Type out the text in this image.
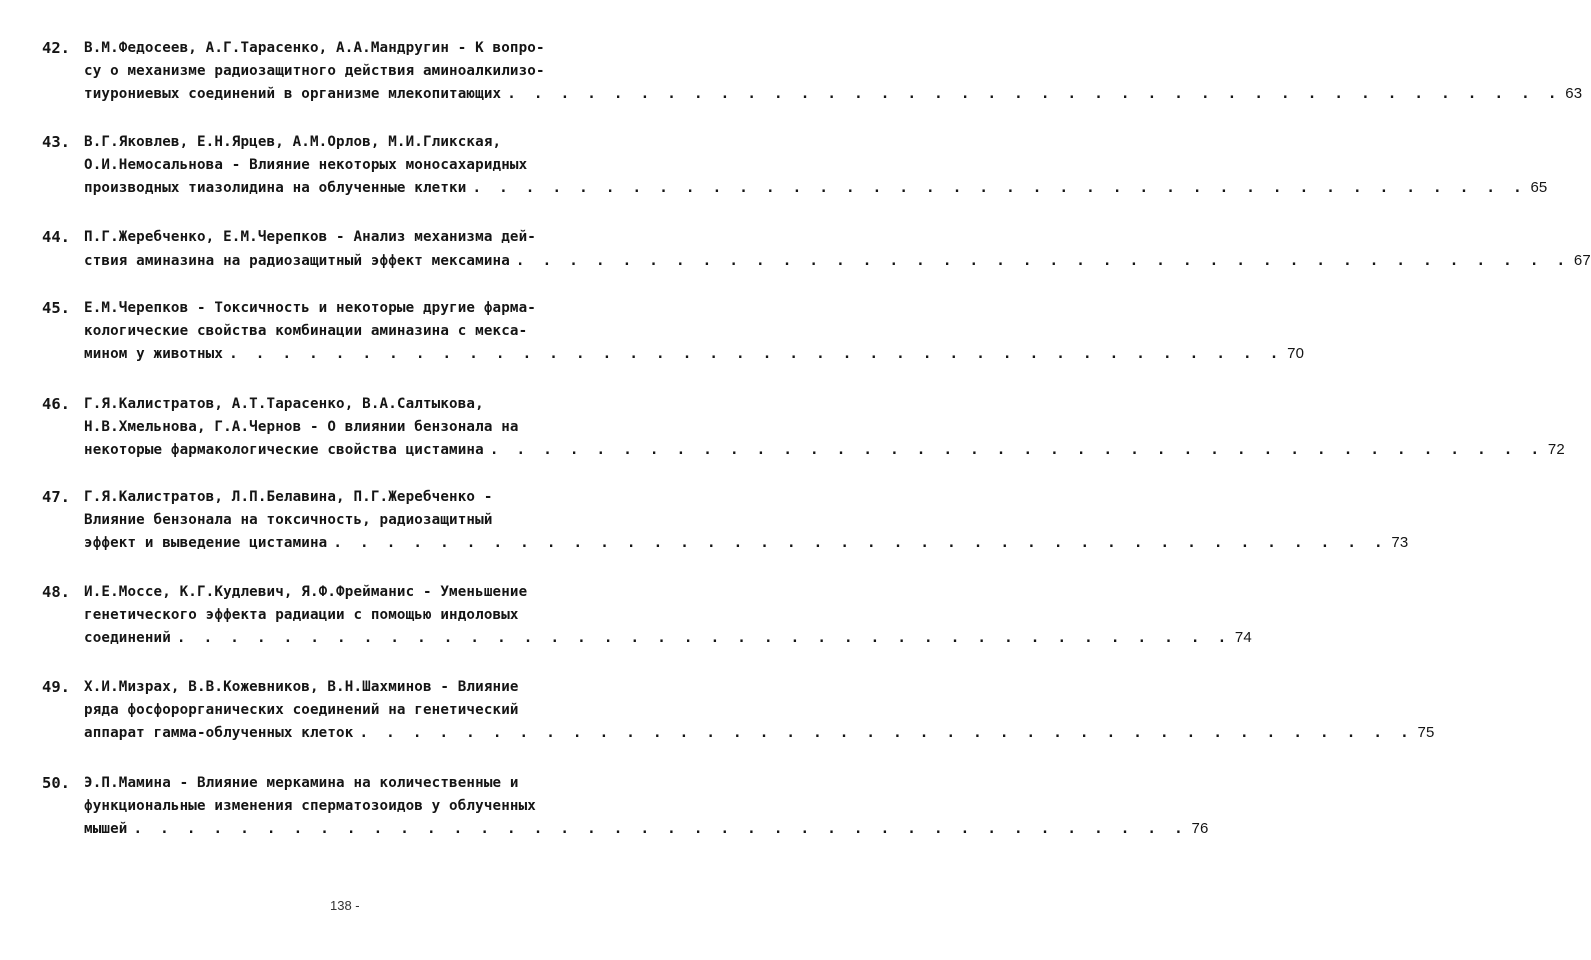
42. В.М.Федосеев, А.Г.Тарасенко, А.А.Мандругин - К вопро-
су о механизме радиозащитного действия аминоалкилизо-
тиурониевых соединений в организме млекопитающих . . . . . . . . . . . . . . . . . . . . . . . . . . . . . . . . . . . . . . . . 63
43. В.Г.Яковлев, Е.Н.Ярцев, А.М.Орлов, М.И.Гликская,
О.И.Немосальнова - Влияние некоторых моносахаридных
производных тиазолидина на облученные клетки . . . . . . . . . . . . . . . . . . . . . . . . . . . . . . . . . . . . . . . . 65
44. П.Г.Жеребченко, Е.М.Черепков - Анализ механизма дей-
ствия аминазина на радиозащитный эффект мексамина . . . . . . . . . . . . . . . . . . . . . . . . . . . . . . . . . . . . . . . . 67
45. Е.М.Черепков - Токсичность и некоторые другие фарма-
кологические свойства комбинации аминазина с мекса-
мином у животных . . . . . . . . . . . . . . . . . . . . . . . . . . . . . . . . . . . . . . . . 70
46. Г.Я.Калистратов, А.Т.Тарасенко, В.А.Салтыкова,
Н.В.Хмельнова, Г.А.Чернов - О влиянии бензонала на
некоторые фармакологические свойства цистамина . . . . . . . . . . . . . . . . . . . . . . . . . . . . . . . . . . . . . . . . 72
47. Г.Я.Калистратов, Л.П.Белавина, П.Г.Жеребченко -
Влияние бензонала на токсичность, радиозащитный
эффект и выведение цистамина . . . . . . . . . . . . . . . . . . . . . . . . . . . . . . . . . . . . . . . . 73
48. И.Е.Моссе, К.Г.Кудлевич, Я.Ф.Фрейманис - Уменьшение
генетического эффекта радиации с помощью индоловых
соединений . . . . . . . . . . . . . . . . . . . . . . . . . . . . . . . . . . . . . . . . 74
49. Х.И.Мизрах, В.В.Кожевников, В.Н.Шахминов - Влияние
ряда фосфорорганических соединений на генетический
аппарат гамма-облученных клеток . . . . . . . . . . . . . . . . . . . . . . . . . . . . . . . . . . . . . . . . 75
50. Э.П.Мамина - Влияние меркамина на количественные и
функциональные изменения сперматозоидов у облученных
мышей . . . . . . . . . . . . . . . . . . . . . . . . . . . . . . . . . . . . . . . . 76
138 -
